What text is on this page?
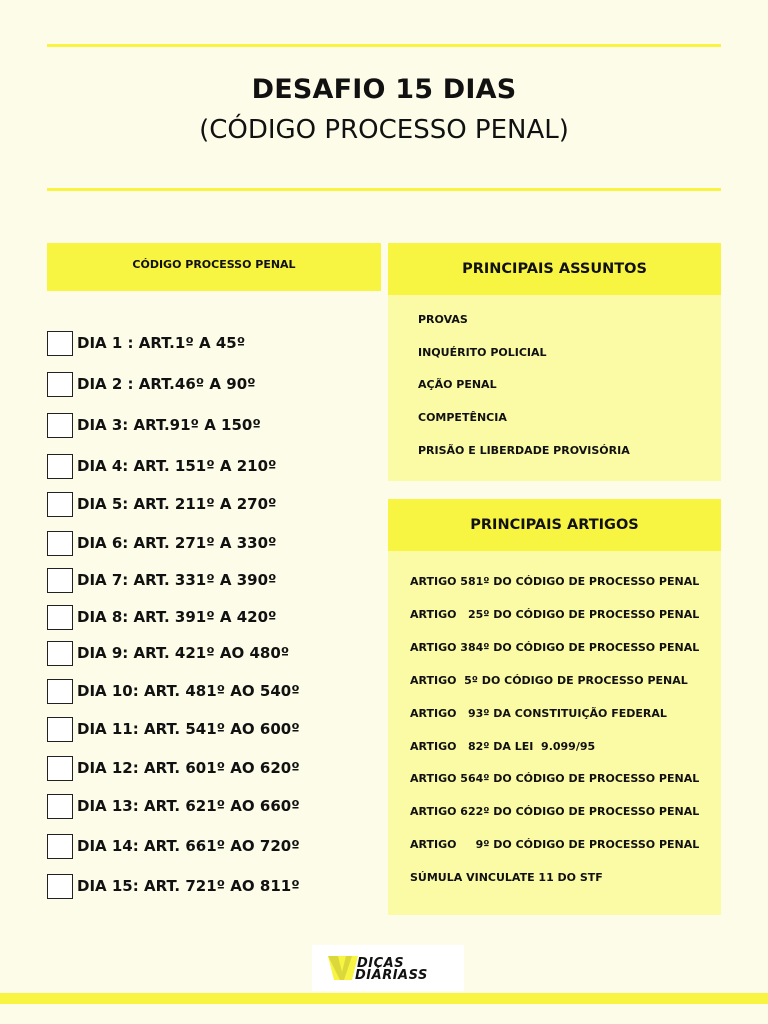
DESAFIO 15 DIAS
(CÓDIGO PROCESSO PENAL)
CÓDIGO PROCESSO PENAL
DIA 1 : ART.1º A 45º
DIA 2 : ART.46º A 90º
DIA 3: ART.91º A 150º
DIA 4: ART. 151º A 210º
DIA 5: ART. 211º A 270º
DIA 6: ART. 271º A 330º
DIA 7: ART. 331º A 390º
DIA 8: ART. 391º A 420º
DIA 9: ART. 421º AO 480º
DIA 10: ART. 481º AO 540º
DIA 11: ART. 541º AO 600º
DIA 12: ART. 601º AO 620º
DIA 13: ART. 621º AO 660º
DIA 14: ART. 661º AO 720º
DIA 15: ART. 721º AO 811º
PRINCIPAIS ASSUNTOS
PROVAS
INQUÉRITO POLICIAL
AÇÃO PENAL
COMPETÊNCIA
PRISÃO E LIBERDADE PROVISÓRIA
PRINCIPAIS ARTIGOS
ARTIGO 581º DO CÓDIGO DE PROCESSO PENAL
ARTIGO   25º DO CÓDIGO DE PROCESSO PENAL
ARTIGO 384º DO CÓDIGO DE PROCESSO PENAL
ARTIGO  5º DO CÓDIGO DE PROCESSO PENAL
ARTIGO   93º DA CONSTITUIÇÃO FEDERAL
ARTIGO   82º DA LEI  9.099/95
ARTIGO 564º DO CÓDIGO DE PROCESSO PENAL
ARTIGO 622º DO CÓDIGO DE PROCESSO PENAL
ARTIGO     9º DO CÓDIGO DE PROCESSO PENAL
SÚMULA VINCULATE 11 DO STF
DICAS
DIÁRIASS
